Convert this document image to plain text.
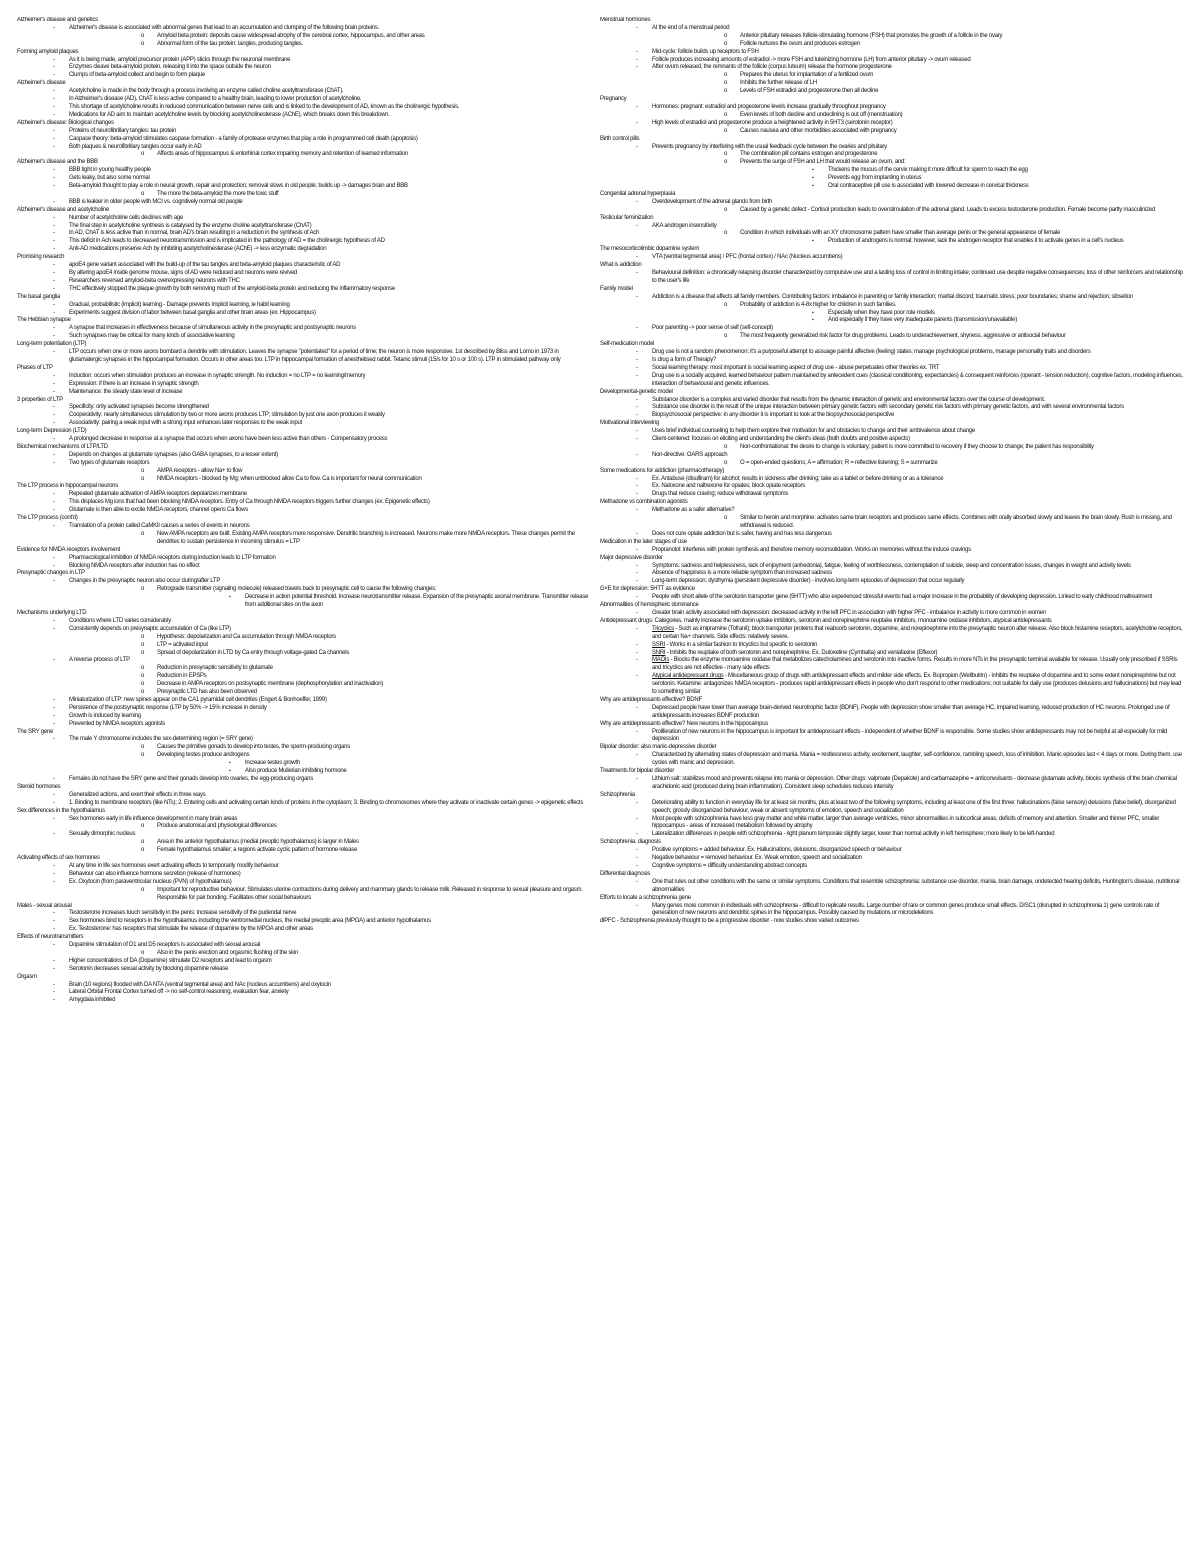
Alzheimer's disease and genetics
- Alzheimer's disease is associated with abnormal genes that lead to an accumulation and clumping of the following brain proteins.
o Amyloid beta protein: deposits cause widespread atrophy of the cerebral cortex, hippocampus, and other areas
o Abnormal form of the tau protein: tangles, producing tangles.
Forming amyloid plaques
- As it is being made, amyloid precursor protein (APP) sticks through the neuronal membrane
- Enzymes cleave beta-amyloid protein, releasing it into the space outside the neuron
- Clumps of beta-amyloid collect and begin to form plaque
Alzheimer's disease
- Acetylcholine is made in the body through a process involving an enzyme called choline acetyltransferase (ChAT).
- In Alzheimer's disease (AD), ChAT is less active compared to a healthy brain, leading to lower production of acetylcholine.
- This shortage of acetylcholine results in reduced communication between nerve cells and is linked to the development of AD, known as the cholinergic hypothesis.
- Medications for AD aim to maintain acetylcholine levels by blocking acetylcholinesterase (AChE), which breaks down this breakdown.
Alzheimer's disease: Biological changes
- Proteins of neurofibrillary tangles: tau protein
- Caspase theory: beta-amyloid stimulates caspase formation - a family of protease enzymes that play a role in programmed cell death (apoptosis)
- Both plaques & neurofibrillary tangles occur early in AD
o Affects areas of hippocampus & entorhinal cortex impairing memory and retention of learned information
Alzheimer's disease and the BBB
- BBB tight in young healthy people
- Gets leaky, but also some normal
- Beta-amyloid thought to play a role in neural growth, repair and protection; removal slows in old people; builds up -> damages brain and BBB
o The more the beta-amyloid the more the toxic stuff
- BBB is leakier in older people with MCI vs. cognitively normal old people
Alzheimer's disease and acetylcholine
- Number of acetylcholine cells declines with age
- The final step in acetylcholine synthesis is catalysed by the enzyme choline acetyltransferase (ChAT)
- In AD, ChAT is less active than in normal, brain AD's brain resulting in a reduction in the synthesis of Ach
- This deficit in Ach leads to decreased neurotransmission and is implicated in the pathology of AD = the cholinergic hypothesis of AD
- Anti-AD medications preserve Ach by inhibiting acetylcholinesterase (AChE) -> less enzymatic degradation
Promising research
- apoE4 gene variant associated with the build-up of the tau tangles and beta-amyloid plaques characteristic of AD
- By altering apoE4 inside genome mouse, signs of AD were reduced and neurons were revived
- Researchers reversed amyloid-beta overexpressing neurons with THC
- THC effectively stopped the plaque growth by both removing much of the amyloid-beta protein and reducing the inflammatory response
The basal ganglia
- Gradual, probabilistic (implicit) learning - Damage prevents implicit learning, ie habit learning
- Experiments suggest division of labor between basal ganglia and other brain areas (ex. Hippocampus)
The Hebbian synapse
- A synapse that increases in effectiveness because of simultaneous activity in the presynaptic and postsynaptic neurons
- Such synapses may be critical for many kinds of associative learning
Long-term potentiation (LTP)
- LTP occurs when one or more axons bombard a dendrite with stimulation. Leaves the synapse "potentiated" for a period of time; the neuron is more responsive. 1st described by Bliss and Lomo in 1973 in glutamatergic synapses in the hippocampal formation. Occurs in other areas too. LTP in hippocampal formation of anesthetised rabbit. Tetanic stimuli (15/s for 10 s or 100 s). LTP in stimulated pathway only
Phases of LTP
- Induction: occurs when stimulation produces an increase in synaptic strength. No induction = no LTP = no learning/memory
- Expression: if there is an increase in synaptic strength
- Maintenance: the steady state level of increase
3 properties of LTP
- Specificity: only activated synapses become strengthened
- Cooperativity: nearly simultaneous stimulation by two or more axons produces LTP; stimulation by just one axon produces it weakly
- Associativity: pairing a weak input with a strong input enhances later responses to the weak input
Long-term Depression (LTD)
- A prolonged decrease in response at a synapse that occurs when axons have been less active than others - Compensatory process
Biochemical mechanisms of LTP/LTD
- Depends on changes at glutamate synapses (also GABA synapses, to a lesser extent)
- Two types of glutamate receptors
o AMPA receptors - allow Na+ to flow
o NMDA receptors - blocked by Mg; when unblocked allow Ca to flow. Ca is important for neural communication
The LTP process in hippocampal neurons
- Repeated glutamate activation of AMPA receptors depolarizes membrane
- This displaces Mg ions that had been blocking NMDA receptors. Entry of Ca through NMDA receptors triggers further changes (ex. Epigenetic effects)
- Glutamate is then able to excite NMDA receptors, channel opens Ca flows
The LTP process (cont'd)
- Translation of a protein called CaMKII causes a series of events in neurons
o New AMPA receptors are built. Existing AMPA receptors more responsive. Dendritic branching is increased. Neurons make more NMDA receptors. These changes permit the dendrites to sustain persistence in incoming stimulus = LTP
Evidence for NMDA receptors involvement
- Pharmacological inhibition of NMDA receptors during induction leads to LTP formation
- Blocking NMDA receptors after induction has no effect
Presynaptic changes in LTP
- Changes in the presynaptic neuron also occur during/after LTP
o Retrograde transmitter (signaling molecule) released travels back to presynaptic cell to cause the following changes:
▪ Decrease in action potential threshold. Increase neurotransmitter release. Expansion of the presynaptic axonal membrane. Transmitter release from additional sites on the axon
Mechanisms underlying LTD
- Conditions where LTD varies considerably
- Consistently depends on presynaptic accumulation of Ca (like LTP)
o Hypothesis: depolarization and Ca accumulation through NMDA receptors
o LTP = activated input
o Spread of depolarization in LTD by Ca entry through voltage-gated Ca channels
- A reverse process of LTP
o Reduction in presynaptic sensitivity to glutamate
o Reduction in EPSPs
o Decrease in AMPA receptors on postsynaptic membrane (dephosphorylation and inactivation)
o Presynaptic LTD has also been observed
- Miniaturization of LTP: new spines appear on the CA1 pyramidal cell dendrites (Engert & Bonhoeffer, 1999)
- Persistence of the postsynaptic response (LTP by 50% -> 15% increase in density
- Growth is induced by learning
- Prevented by NMDA receptors agonists
The SRY gene
- The male Y chromosome includes the sex-determining region (= SRY gene)
o Causes the primitive gonads to develop into testes, the sperm-producing organs
o Developing testes produce androgens
▪ Increase testes growth
▪ Also produce Mullerian inhibiting hormone
- Females do not have the SRY gene and their gonads develop into ovaries, the egg-producing organs
Steroid hormones
- Generalized actions, and exert their effects in three ways
- 1. Binding to membrane receptors (like NTs); 2. Entering cells and activating certain kinds of proteins in the cytoplasm; 3. Binding to chromosomes where they activate or inactivate certain genes -> epigenetic effects
Sex differences in the hypothalamus
- Sex hormones early in life influence development in many brain areas
o Produce anatomical and physiological differences
- Sexually dimorphic nucleus
o Area in the anterior hypothalamus (medial preoptic hypothalamus) is larger in Males
o Female hypothalamus smaller; a regions activate cyclic pattern of hormone release
Activating effects of sex hormones
- At any time in life sex hormones exert activating effects to temporarily modify behaviour
- Behaviour can also influence hormone secretion (release of hormones)
- Ex. Oxytocin (from paraventricular nucleus (PVN) of hypothalamus)
o Important for reproductive behaviour. Stimulates uterine contractions during delivery and mammary glands to release milk. Released in response to sexual pleasure and orgasm. Responsible for pair bonding. Facilitates other social behaviours
Males - sexual arousal
- Testosterone increases touch sensitivity in the penis: increase sensitivity of the pudendal nerve
- Sex hormones bind to receptors in the hypothalamus including the ventromedial nucleus, the medial preoptic area (MPOA) and anterior hypothalamus
- Ex. Testosterone: has receptors that stimulate the release of dopamine by the MPOA and other areas
Effects of neurotransmitters
- Dopamine stimulation of D1 and D5 receptors is associated with sexual arousal
o Also in the penis erection and orgasmic flushing of the skin
- Higher concentrations of DA (Dopamine) stimulate D2 receptors and lead to orgasm
- Serotonin decreases sexual activity by blocking dopamine release
Orgasm
- Brain (10 regions) flooded with DA NTA (ventral tegmental area) and NAc (nucleus accumbens) and oxytocin
- Lateral Orbital Frontal Cortex turned off -> no self-control reasoning, evaluation fear, anxiety
- Amygdala inhibited
Menstrual hormones
- At the end of a menstrual period
o Anterior pituitary releases follicle-stimulating hormone (FSH) that promotes the growth of a follicle in the ovary
o Follicle nurtures the ovum and produces estrogen
- Mid-cycle: follicle builds up receptors to FSH
- Follicle produces increasing amounts of estradiol -> more FSH and luteinizing hormone (LH) from anterior pituitary -> ovum released
- After ovum released, the remnants of the follicle (corpus luteum) release the hormone progesterone
o Prepares the uterus for implantation of a fertilized ovum
o Inhibits the further release of LH
o Levels of FSH estradiol and progesterone then all decline
Pregnancy
- Hormones: pregnant: estradiol and progesterone levels increase gradually throughout pregnancy
o Even levels of both decline and undeclining is out off (menstruation)
- High levels of estradiol and progesterone produce a heightened activity in 5HT3 (serotonin receptor)
o Causes nausea and other morbidities associated with pregnancy
Birth control pills
- Prevents pregnancy by interfering with the usual feedback cycle between the ovaries and pituitary
o The combination pill contains estrogen and progesterone
o Prevents the surge of FSH and LH that would release an ovum, and:
▪ Thickens the mucus of the cervix making it more difficult for sperm to reach the egg
▪ Prevents egg from implanting in uterus
▪ Oral contraceptive pill use is associated with lowered decrease in cervical thickness
Congenital adrenal hyperplasia
- Overdevelopment of the adrenal glands from birth
o Caused by a genetic defect - Cortisol production leads to overstimulation of the adrenal gland. Leads to excess testosterone production. Female become partly masculinized
Testicular feminization
- AKA androgen insensitivity
o Condition in which individuals with an XY chromosome pattern have smaller than average penis or the general appearance of female
▪ Production of androgens is normal; however, lack the androgen receptor that enables it to activate genes in a cell's nucleus
The mesocorticolimbic dopamine system
- VTA (ventral tegmental area) / PFC (frontal cortex) / NAc (Nucleus accumbens)
What is addiction
- Behavioural definition: a chronically relapsing disorder characterized by compulsive use and a lasting loss of control in limiting intake; continued use despite negative consequences; loss of other reinforcers and relationship to the user's life
Family model
- Addiction is a disease that affects all family members. Contributing factors: imbalance in parenting or family interaction; marital discord; traumatic stress; poor boundaries; shame and rejection; sibsetion
o Probability of addiction is 4-8x higher for children in such families.
▪ Especially when they have poor role models
▪ And especially if they have very inadequate parents (transmission/unavailable)
- Poor parenting -> poor sense of self (self-concept)
o The most frequently generalized risk factor for drug problems. Leads to underachievement, shyness, aggressive or antisocial behaviour
Self-medication model
- Drug use is not a random phenomenon; it's a purposeful attempt to assuage painful affective (feeling) states; manage psychological problems, manage personality traits and disorders
- Is drug a form of Therapy?
- Social learning therapy: most important is social learning aspect of drug use - abuse perpetuates other theories ex. TRT
- Drug use is a socially acquired, learned behaviour pattern maintained by antecedent cues (classical conditioning, expectancies) & consequent reinforces (operant - tension reduction), cognitive factors, modeling influences, interaction of behavioural and genetic influences.
Developmental-genetic model
- Substance disorder is a complex and varied disorder that results from the dynamic interaction of genetic and environmental factors over the course of development.
- Substance use disorder is the result of the unique interaction between primary genetic factors with secondary genetic risk factors with primary genetic factors, and with several environmental factors
- Biopsychosocial perspective: in any disorder it is important to look at the biopsychosocial perspective
Motivational interviewing
- Uses brief individual counseling to help them explore their motivation for and obstacles to change and their ambivalence about change
- Client-centered: focuses on eliciting and understanding the client's ideas (both doubts and positive aspects)
o Non-confrontational: the desire to change is voluntary; patient is more committed to recovery if they choose to change; the patient has responsibility
- Non-directive: OARS approach
o O = open-ended questions; A = affirmation; R = reflective listening; S = summarize
Some medications for addiction (pharmacotherapy)
- Ex. Antabuse (disulfiram) for alcohol; results in sickness after drinking; take as a tablet or before drinking or as a tolerance
- Ex. Naloxone and naltrexone for opiates; block opiate receptors
- Drugs that reduce craving; reduce withdrawal symptoms
Methadone vs combination agonists
- Methadone as a safer alternative?
o Similar to heroin and morphine: activates same brain receptors and produces same effects. Combines with orally absorbed slowly and leaves the brain slowly. Rush is missing, and withdrawal is reduced.
- Does not cure opiate addiction but is safer, having and has less dangerous
Medication in the later stages of use
- Propranolol: interferes with protein synthesis and therefore memory reconsolidation. Works on memories without the induce cravings
Major depressive disorder
- Symptoms: sadness and helplessness, lack of enjoyment (anhedonia), fatigue, feeling of worthlessness, contemplation of suicide, sleep and concentration issues, changes in weight and activity levels
- Absence of happiness is a more reliable symptom than increased sadness
- Long-term depression; dysthymia (persistent depressive disorder) - involves long-term episodes of depression that occur regularly
G×E for depression: 5HTT as evidence
- People with short allele of the serotonin transporter gene (5HTT) who also experienced stressful events had a major increase in the probability of developing depression. Linked to early childhood maltreatment
Abnormalities of hemispheric dominance
- Greater brain activity associated with depression: decreased activity in the left PFC in association with higher PFC - imbalance in activity is more common in women
Antidepressant drugs: Categories, mainly increase the serotonin uptake inhibitors, serotonin and norepinephrine reuptake inhibitors, monoamine oxidase inhibitors, atypical antidepressants
- Tricyclics - Such as imipramine (Tofranil); block transporter proteins that reabsorb serotonin, dopamine, and norepinephrine into the presynaptic neuron after release. Also block histamine receptors, acetylcholine receptors, and certain Na+ channels. Side effects: relatively severe.
- SSRI - Works in a similar fashion to tricyclics but specific to serotonin
- SNRI - Inhibits the reuptake of both serotonin and norepinephrine. Ex. Duloxetine (Cymbalta) and venlafaxine (Effexor)
- MAOIs - Blocks the enzyme monoamine oxidase that metabolizes catecholamines and serotonin into inactive forms. Results in more NTs in the presynaptic terminal available for release. Usually only prescribed if SSRIs and tricyclics are not effective - many side effects
- Atypical antidepressant drugs - Miscellaneous group of drugs with antidepressant effects and milder side effects. Ex. Bupropion (Wellbutrin) - inhibits the reuptake of dopamine and to some extent norepinephrine but not serotonin. Ketamine: antagonizes NMDA receptors - produces rapid antidepressant effects in people who don't respond to other medications; not suitable for daily use (produces delusions and hallucinations) but may lead to something similar
Why are antidepressants effective? BDNF
- Depressed people have lower than average brain-derived neurotrophic factor (BDNF). People with depression show smaller than average HC, impaired learning, reduced production of HC neurons. Prolonged use of antidepressants increases BDNF production
Why are antidepressants effective? New neurons in the hippocampus
- Proliferation of new neurons in the hippocampus is important for antidepressant effects - independent of whether BDNF is responsible. Some studies show antidepressants may not be helpful at all especially for mild depression
Bipolar disorder: also manic-depressive disorder
- Characterized by alternating states of depression and mania. Mania = restlessness activity, excitement, laughter, self-confidence, rambling speech, loss of inhibition. Manic episodes last < 4 days or more. During them, use cycles with manic and depression.
Treatments for bipolar disorder
- Lithium salt: stabilizes mood and prevents relapse into mania or depression. Other drugs: valproate (Depakote) and carbamazepine = anticonvulsants - decrease glutamate activity, blocks synthesis of the brain chemical arachidonic acid (produced during brain inflammation). Consistent sleep schedules reduces intensity
Schizophrenia
- Deteriorating ability to function in everyday life for at least six months, plus at least two of the following symptoms, including at least one of the first three: hallucinations (false sensory) delusions (false belief), disorganized speech; grossly disorganized behaviour, weak or absent symptoms of emotion, speech and socialization
- Most people with schizophrenia have less gray matter and white matter, larger than average ventricles, minor abnormalities in subcortical areas, deficits of memory and attention. Smaller and thinner PFC, smaller hippocampus - areas of increased metabolism followed by atrophy
- Lateralization differences in people with schizophrenia - right planum temporale slightly larger, lower than normal activity in left hemisphere; more likely to be left-handed
Schizophrenia: diagnosis
- Positive symptoms = added behaviour. Ex. Hallucinations, delusions, disorganized speech or behaviour
- Negative behaviour = removed behaviour. Ex. Weak emotion, speech and socialization
- Cognitive symptoms = difficulty understanding abstract concepts
Differential diagnosis
- One that rules out other conditions with the same or similar symptoms. Conditions that resemble schizophrenia: substance use disorder, mania, brain damage, undetected hearing deficits, Huntington's disease, nutritional abnormalities
Efforts to locate a schizophrenia gene
- Many genes more common in individuals with schizophrenia - difficult to replicate results. Large number of rare or common genes produce small effects. DISC1 (disrupted in schizophrenia 1) gene controls rate of generation of new neurons and dendritic spines in the hippocampus. Possibly caused by mutations or microdeletions
dlPFC - Schizophrenia previously thought to be a progressive disorder - now studies show varied outcomes
